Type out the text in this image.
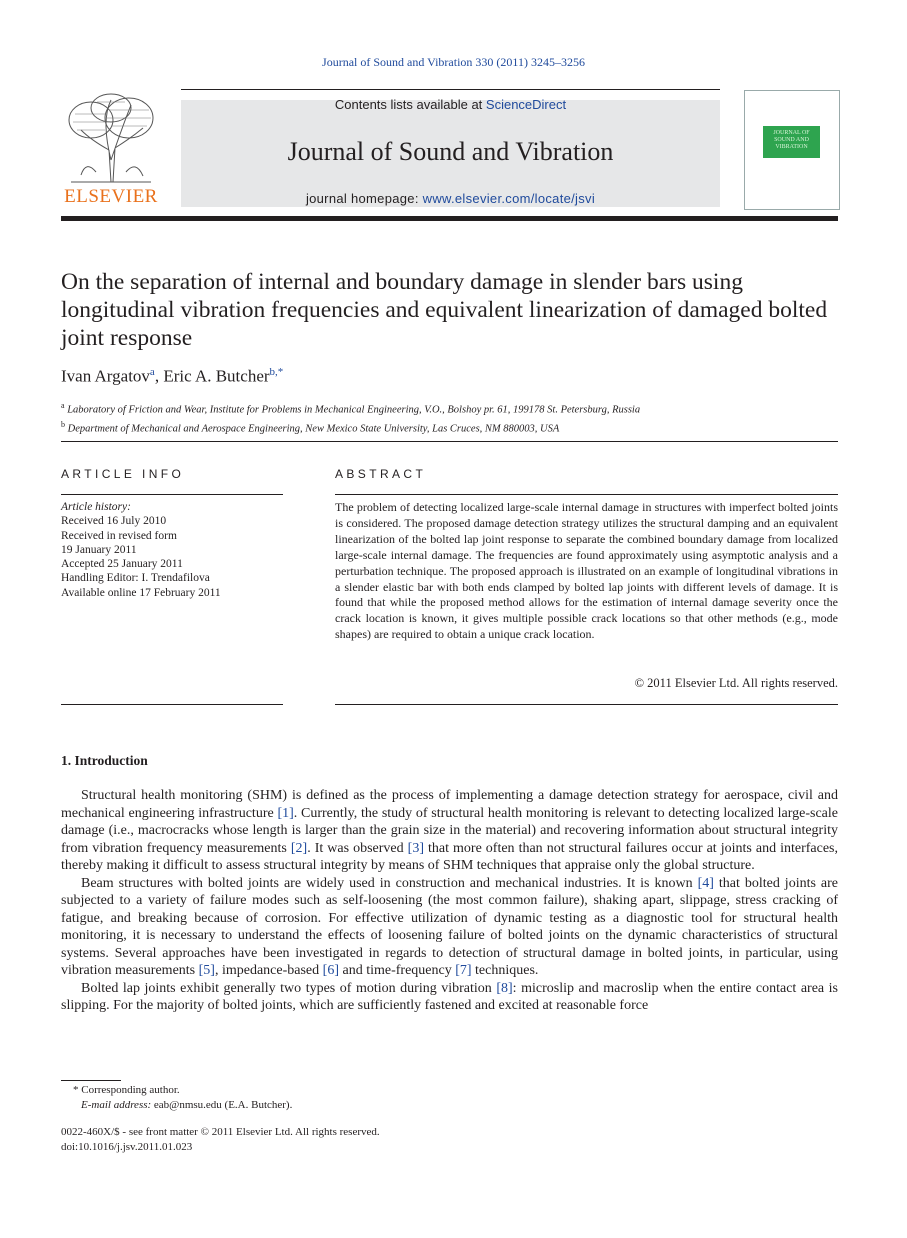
Journal of Sound and Vibration 330 (2011) 3245–3256
ELSEVIER
Contents lists available at ScienceDirect
Journal of Sound and Vibration
journal homepage: www.elsevier.com/locate/jsvi
JOURNAL OF SOUND AND VIBRATION
On the separation of internal and boundary damage in slender bars using longitudinal vibration frequencies and equivalent linearization of damaged bolted joint response
Ivan Argatov$^a$, Eric A. Butcher$^{b,*}$
$^a$ Laboratory of Friction and Wear, Institute for Problems in Mechanical Engineering, V.O., Bolshoy pr. 61, 199178 St. Petersburg, Russia
$^b$ Department of Mechanical and Aerospace Engineering, New Mexico State University, Las Cruces, NM 880003, USA
ARTICLE INFO	ABSTRACT
Article history:
Received 16 July 2010
Received in revised form
19 January 2011
Accepted 25 January 2011
Handling Editor: I. Trendafilova
Available online 17 February 2011
The problem of detecting localized large-scale internal damage in structures with imperfect bolted joints is considered. The proposed damage detection strategy utilizes the structural damping and an equivalent linearization of the bolted lap joint response to separate the combined boundary damage from localized large-scale internal damage. The frequencies are found approximately using asymptotic analysis and a perturbation technique. The proposed approach is illustrated on an example of longitudinal vibrations in a slender elastic bar with both ends clamped by bolted lap joints with different levels of damage. It is found that while the proposed method allows for the estimation of internal damage severity once the crack location is known, it gives multiple possible crack locations so that other methods (e.g., mode shapes) are required to obtain a unique crack location.
© 2011 Elsevier Ltd. All rights reserved.
1. Introduction

Structural health monitoring (SHM) is defined as the process of implementing a damage detection strategy for aerospace, civil and mechanical engineering infrastructure [1]. Currently, the study of structural health monitoring is relevant to detecting localized large-scale damage (i.e., macrocracks whose length is larger than the grain size in the material) and recovering information about structural integrity from vibration frequency measurements [2]. It was observed [3] that more often than not structural failures occur at joints and interfaces, thereby making it difficult to assess structural integrity by means of SHM techniques that appraise only the global structure.

Beam structures with bolted joints are widely used in construction and mechanical industries. It is known [4] that bolted joints are subjected to a variety of failure modes such as self-loosening (the most common failure), shaking apart, slippage, stress cracking of fatigue, and breaking because of corrosion. For effective utilization of dynamic testing as a diagnostic tool for structural health monitoring, it is necessary to understand the effects of loosening failure of bolted joints on the dynamic characteristics of structural systems. Several approaches have been investigated in regards to detection of structural damage in bolted joints, in particular, using vibration measurements [5], impedance-based [6] and time-frequency [7] techniques.

Bolted lap joints exhibit generally two types of motion during vibration [8]: microslip and macroslip when the entire contact area is slipping. For the majority of bolted joints, which are sufficiently fastened and excited at reasonable force

* Corresponding author.
E-mail address: eab@nmsu.edu (E.A. Butcher).
0022-460X/$ - see front matter © 2011 Elsevier Ltd. All rights reserved.
doi:10.1016/j.jsv.2011.01.023
